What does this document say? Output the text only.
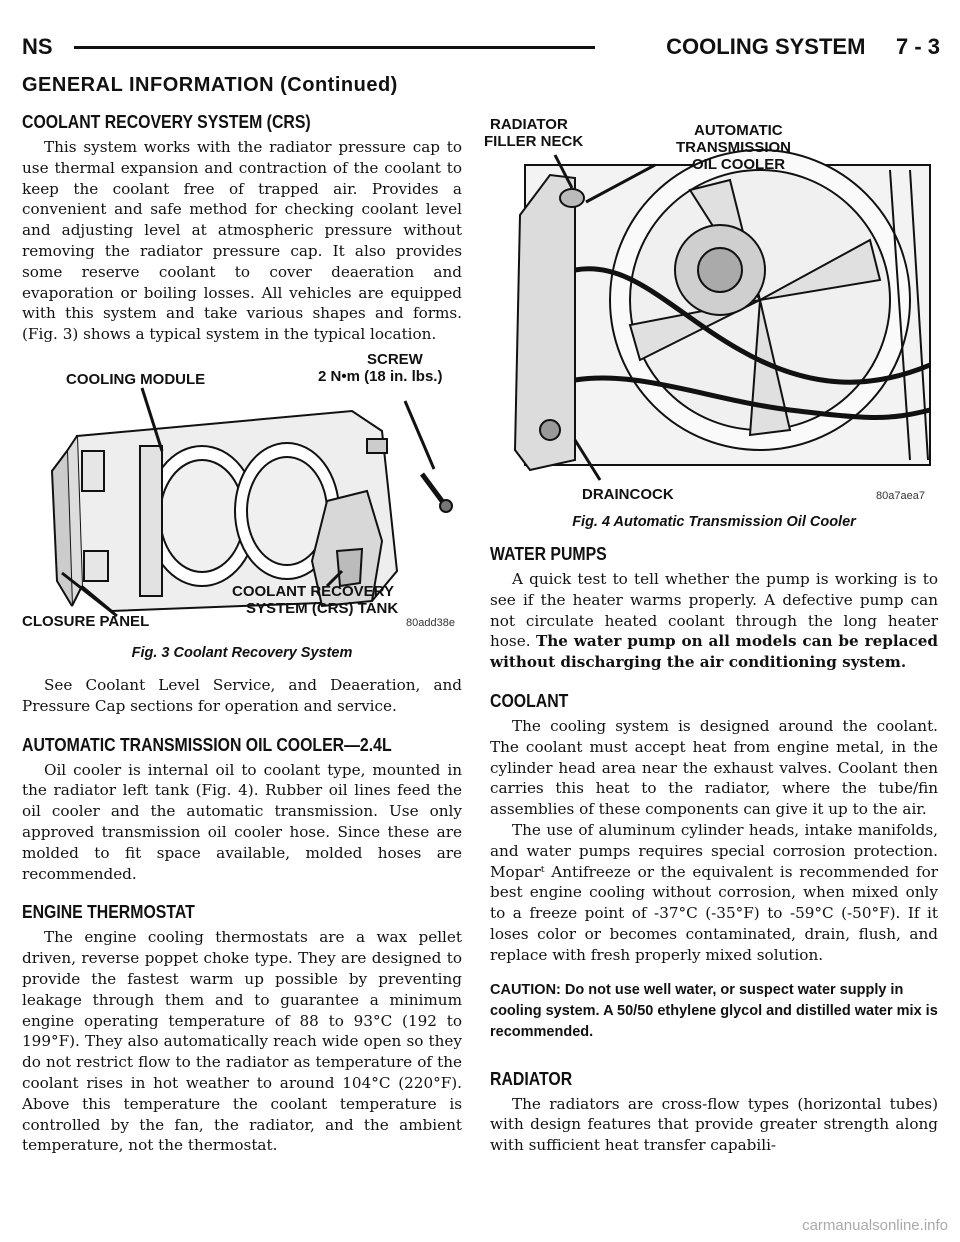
NS	COOLING SYSTEM     7 - 3
GENERAL INFORMATION (Continued)
COOLANT RECOVERY SYSTEM (CRS)

This system works with the radiator pressure cap to use thermal expansion and contraction of the coolant to keep the coolant free of trapped air. Provides a convenient and safe method for checking coolant level and adjusting level at atmospheric pressure without removing the radiator pressure cap. It also provides some reserve coolant to cover deaeration and evaporation or boiling losses. All vehicles are equipped with this system and take various shapes and forms. (Fig. 3) shows a typical system in the typical location.

COOLING MODULE
SCREW
2 N•m (18 in. lbs.)
COOLANT RECOVERY
SYSTEM (CRS) TANK
CLOSURE PANEL	80add38e
Fig. 3 Coolant Recovery System

See Coolant Level Service, and Deaeration, and Pressure Cap sections for operation and service.

AUTOMATIC TRANSMISSION OIL COOLER—2.4L

Oil cooler is internal oil to coolant type, mounted in the radiator left tank (Fig. 4). Rubber oil lines feed the oil cooler and the automatic transmission. Use only approved transmission oil cooler hose. Since these are molded to fit space available, molded hoses are recommended.

ENGINE THERMOSTAT

The engine cooling thermostats are a wax pellet driven, reverse poppet choke type. They are designed to provide the fastest warm up possible by preventing leakage through them and to guarantee a minimum engine operating temperature of 88 to 93°C (192 to 199°F). They also automatically reach wide open so they do not restrict flow to the radiator as temperature of the coolant rises in hot weather to around 104°C (220°F). Above this temperature the coolant temperature is controlled by the fan, the radiator, and the ambient temperature, not the thermostat.

RADIATOR
FILLER NECK
AUTOMATIC
TRANSMISSION
OIL COOLER
DRAINCOCK	80a7aea7
Fig. 4 Automatic Transmission Oil Cooler
WATER PUMPS

A quick test to tell whether the pump is working is to see if the heater warms properly. A defective pump can not circulate heated coolant through the long heater hose. The water pump on all models can be replaced without discharging the air conditioning system.

COOLANT

The cooling system is designed around the coolant. The coolant must accept heat from engine metal, in the cylinder head area near the exhaust valves. Coolant then carries this heat to the radiator, where the tube/fin assemblies of these components can give it up to the air.

The use of aluminum cylinder heads, intake manifolds, and water pumps requires special corrosion protection. Moparᵗ Antifreeze or the equivalent is recommended for best engine cooling without corrosion, when mixed only to a freeze point of -37°C (-35°F) to -59°C (-50°F). If it loses color or becomes contaminated, drain, flush, and replace with fresh properly mixed solution.

CAUTION: Do not use well water, or suspect water supply in cooling system. A 50/50 ethylene glycol and distilled water mix is recommended.

RADIATOR

The radiators are cross-flow types (horizontal tubes) with design features that provide greater strength along with sufficient heat transfer capabili-

carmanualsonline.info
